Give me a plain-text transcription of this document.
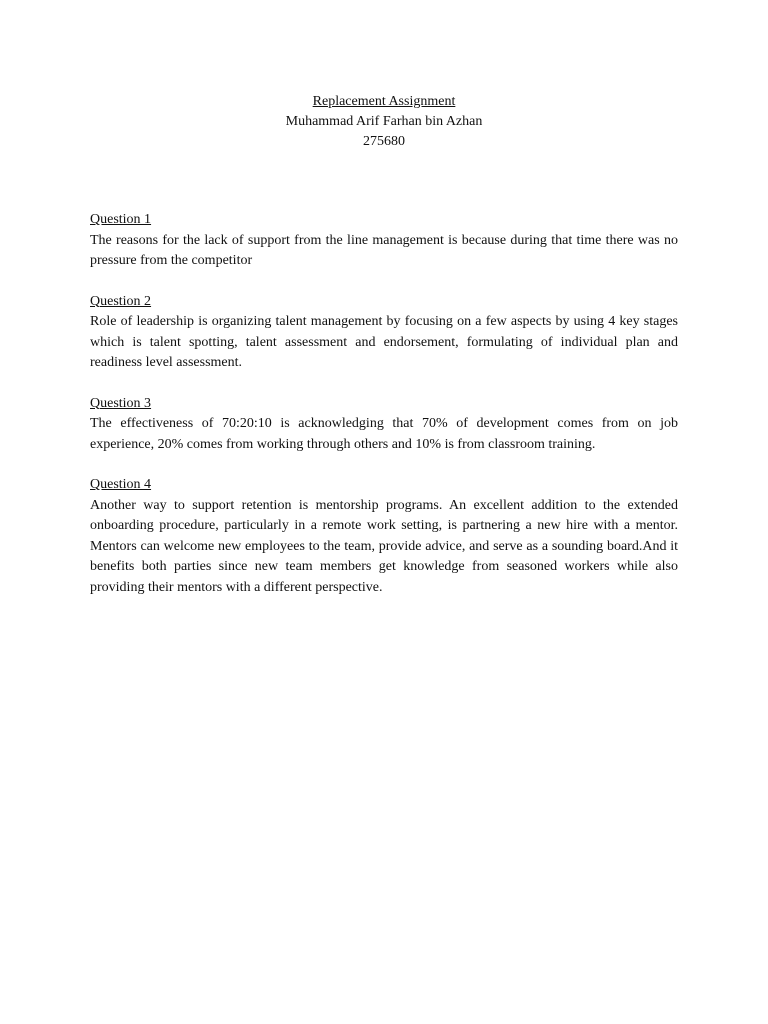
Replacement Assignment
Muhammad Arif Farhan bin Azhan
275680
Question 1
The reasons for the lack of support from the line management is because during that time there was no pressure from the competitor
Question 2
Role of leadership is organizing talent management by focusing on a few aspects by using 4 key stages which is talent spotting, talent assessment and endorsement, formulating of individual plan and readiness level assessment.
Question 3
The effectiveness of 70:20:10 is acknowledging that 70% of development comes from on job experience, 20% comes from working through others and 10% is from classroom training.
Question 4
Another way to support retention is mentorship programs. An excellent addition to the extended onboarding procedure, particularly in a remote work setting, is partnering a new hire with a mentor. Mentors can welcome new employees to the team, provide advice, and serve as a sounding board.And it benefits both parties since new team members get knowledge from seasoned workers while also providing their mentors with a different perspective.
